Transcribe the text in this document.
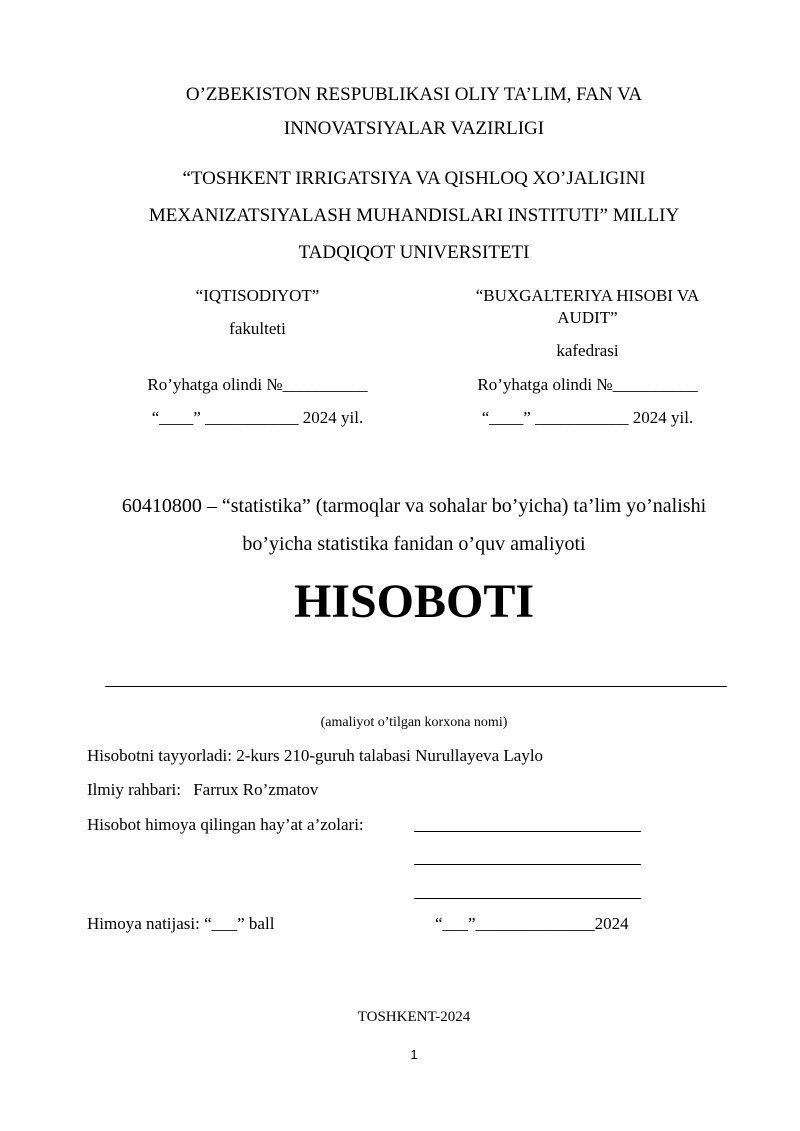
O’ZBEKISTON RESPUBLIKASI OLIY TA’LIM, FAN VA
INNOVATSIYALAR VAZIRLIGI
“TOSHKENT IRRIGATSIYA VA QISHLOQ XO’JALIGINI
MEXANIZATSIYALASH MUHANDISLARI INSTITUTI” MILLIY
TADQIQOT UNIVERSITETI
“IQTISODIYOT”
fakulteti
Ro’yhatga olindi №__________
“____” ___________ 2024 yil.
“BUXGALTERIYA HISOBI VA
AUDIT”
kafedrasi
Ro’yhatga olindi №__________
“____” ___________ 2024 yil.
60410800 – “statistika” (tarmoqlar va sohalar bo’yicha) ta’lim yo’nalishi
bo’yicha statistika fanidan o’quv amaliyoti
HISOBOTI
(amaliyot o’tilgan korxona nomi)
Hisobotni tayyorladi: 2-kurs 210-guruh talabasi Nurullayeva Laylo
Ilmiy rahbari: Farrux Ro’zmatov
Hisobot himoya qilingan hay’at a’zolari:
Himoya natijasi: “___” ball	“___”______________2024
TOSHKENT-2024
1
